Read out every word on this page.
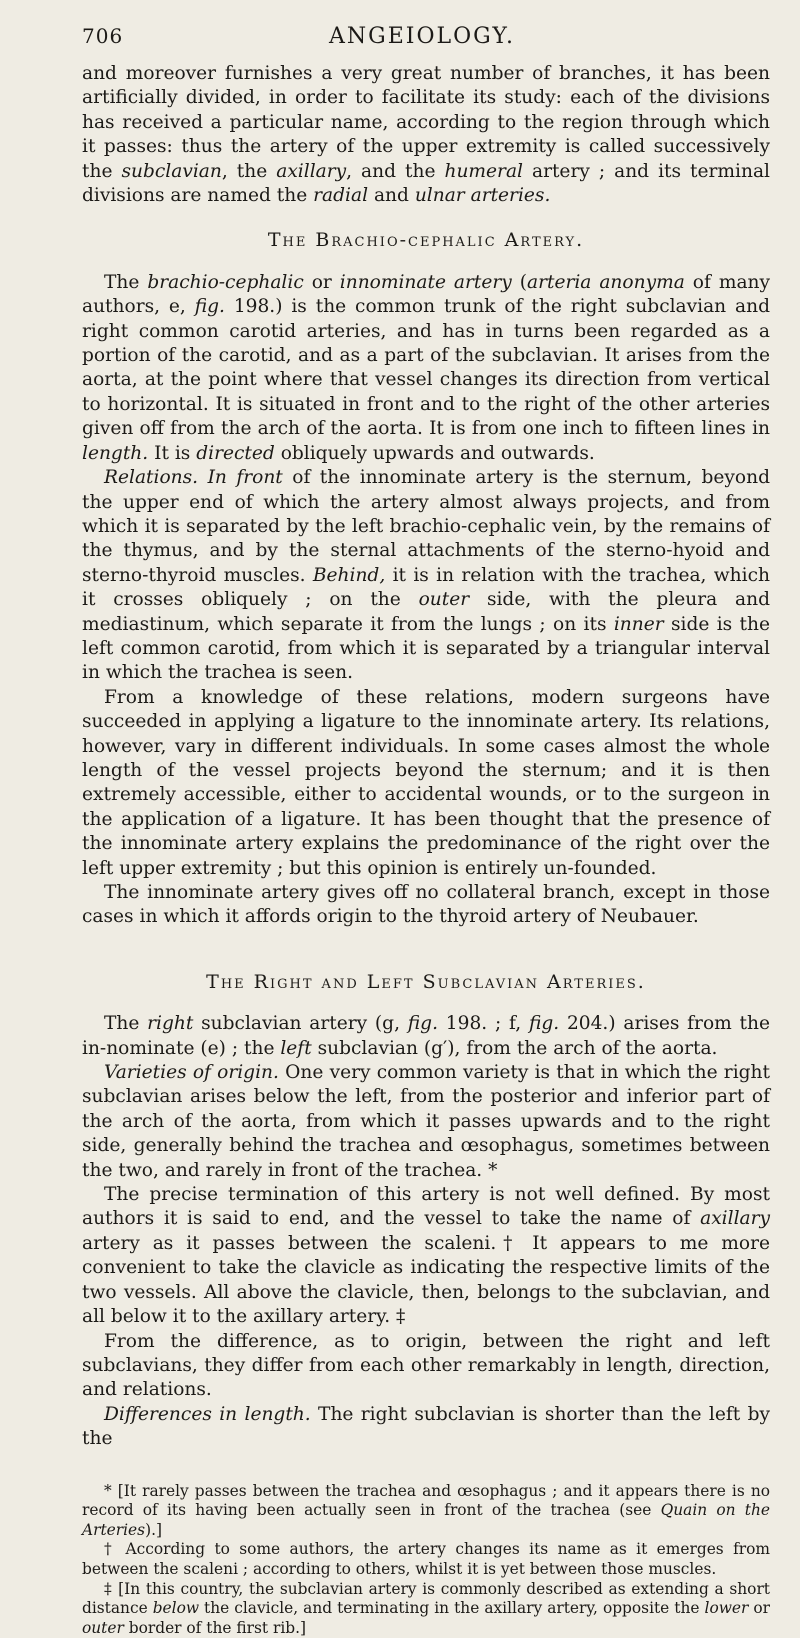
706	ANGEIOLOGY.

and moreover furnishes a very great number of branches, it has been artificially divided, in order to facilitate its study: each of the divisions has received a particular name, according to the region through which it passes: thus the artery of the upper extremity is called successively the subclavian, the axillary, and the humeral artery ; and its terminal divisions are named the radial and ulnar arteries.

The Brachio-cephalic Artery.

The brachio-cephalic or innominate artery (arteria anonyma of many authors, e, fig. 198.) is the common trunk of the right subclavian and right common carotid arteries, and has in turns been regarded as a portion of the carotid, and as a part of the subclavian. It arises from the aorta, at the point where that vessel changes its direction from vertical to horizontal. It is situated in front and to the right of the other arteries given off from the arch of the aorta. It is from one inch to fifteen lines in length. It is directed obliquely upwards and outwards.

Relations. In front of the innominate artery is the sternum, beyond the upper end of which the artery almost always projects, and from which it is separated by the left brachio-cephalic vein, by the remains of the thymus, and by the sternal attachments of the sterno-hyoid and sterno-thyroid muscles. Behind, it is in relation with the trachea, which it crosses obliquely ; on the outer side, with the pleura and mediastinum, which separate it from the lungs ; on its inner side is the left common carotid, from which it is separated by a triangular interval in which the trachea is seen.

From a knowledge of these relations, modern surgeons have succeeded in applying a ligature to the innominate artery. Its relations, however, vary in different individuals. In some cases almost the whole length of the vessel projects beyond the sternum; and it is then extremely accessible, either to accidental wounds, or to the surgeon in the application of a ligature. It has been thought that the presence of the innominate artery explains the predominance of the right over the left upper extremity ; but this opinion is entirely un-founded.

The innominate artery gives off no collateral branch, except in those cases in which it affords origin to the thyroid artery of Neubauer.

The Right and Left Subclavian Arteries.

The right subclavian artery (g, fig. 198. ; f, fig. 204.) arises from the in-nominate (e) ; the left subclavian (g′), from the arch of the aorta.

Varieties of origin. One very common variety is that in which the right subclavian arises below the left, from the posterior and inferior part of the arch of the aorta, from which it passes upwards and to the right side, generally behind the trachea and œsophagus, sometimes between the two, and rarely in front of the trachea. *

The precise termination of this artery is not well defined. By most authors it is said to end, and the vessel to take the name of axillary artery as it passes between the scaleni.† It appears to me more convenient to take the clavicle as indicating the respective limits of the two vessels. All above the clavicle, then, belongs to the subclavian, and all below it to the axillary artery. ‡

From the difference, as to origin, between the right and left subclavians, they differ from each other remarkably in length, direction, and relations.

Differences in length. The right subclavian is shorter than the left by the

* [It rarely passes between the trachea and œsophagus ; and it appears there is no record of its having been actually seen in front of the trachea (see Quain on the Arteries).]

† According to some authors, the artery changes its name as it emerges from between the scaleni ; according to others, whilst it is yet between those muscles.

‡ [In this country, the subclavian artery is commonly described as extending a short distance below the clavicle, and terminating in the axillary artery, opposite the lower or outer border of the first rib.]
